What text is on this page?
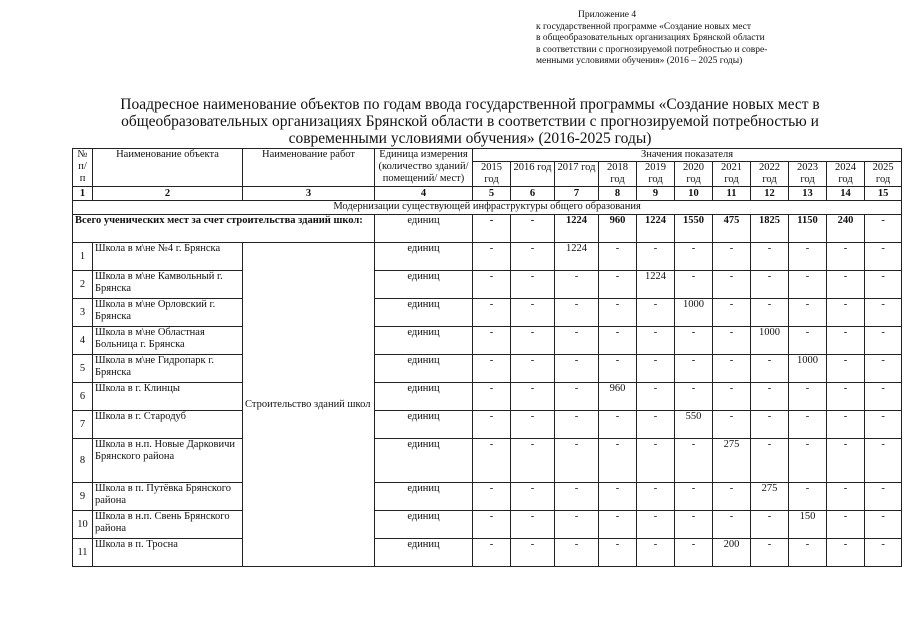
Приложение 4
к государственной программе «Создание новых мест
в общеобразовательных организациях Брянской области
в соответствии с прогнозируемой потребностью и совре-
менными условиями обучения» (2016 – 2025 годы)
Поадресное наименование объектов по годам ввода государственной программы «Создание новых мест в общеобразовательных организациях Брянской области в соответствии с прогнозируемой потребностью и современными условиями обучения» (2016-2025 годы)
№ п/ п	Наименование объекта	Наименование работ	Единица измерения (количество зданий/ помещений/ мест)	Значения показателя										
				2015 год	2016 год	2017 год	2018 год	2019 год	2020 год	2021 год	2022 год	2023 год	2024 год	2025 год
1	2	3	4	5	6	7	8	9	10	11	12	13	14	15
Модернизации существующей инфраструктуры общего образования														
Всего ученических мест за счет строительства зданий школ:			единиц	-	-	1224	960	1224	1550	475	1825	1150	240	-
1	Школа в м\не №4 г. Брянска	Строительство зданий школ	единиц	-	-	1224	-	-	-	-	-	-	-	-
2	Школа в м\не Камвольный г. Брянска		единиц	-	-	-	-	1224	-	-	-	-	-	-
3	Школа в м\не Орловский г. Брянска		единиц	-	-	-	-	-	1000	-	-	-	-	-
4	Школа в м\не Областная Больница г. Брянска		единиц	-	-	-	-	-	-	-	1000	-	-	-
5	Школа в м\не Гидропарк г. Брянска		единиц	-	-	-	-	-	-	-	-	1000	-	-
6	Школа в г. Клинцы		единиц	-	-	-	960	-	-	-	-	-	-	-
7	Школа в г. Стародуб		единиц	-	-	-	-	-	550	-	-	-	-	-
8	Школа в н.п. Новые Дарковичи Брянского района		единиц	-	-	-	-	-	-	275	-	-	-	-
9	Школа в п. Путёвка Брянского района		единиц	-	-	-	-	-	-	-	275	-	-	-
10	Школа в н.п. Свень Брянского района		единиц	-	-	-	-	-	-	-	-	150	-	-
11	Школа в п. Тросна		единиц	-	-	-	-	-	-	200	-	-	-	-
